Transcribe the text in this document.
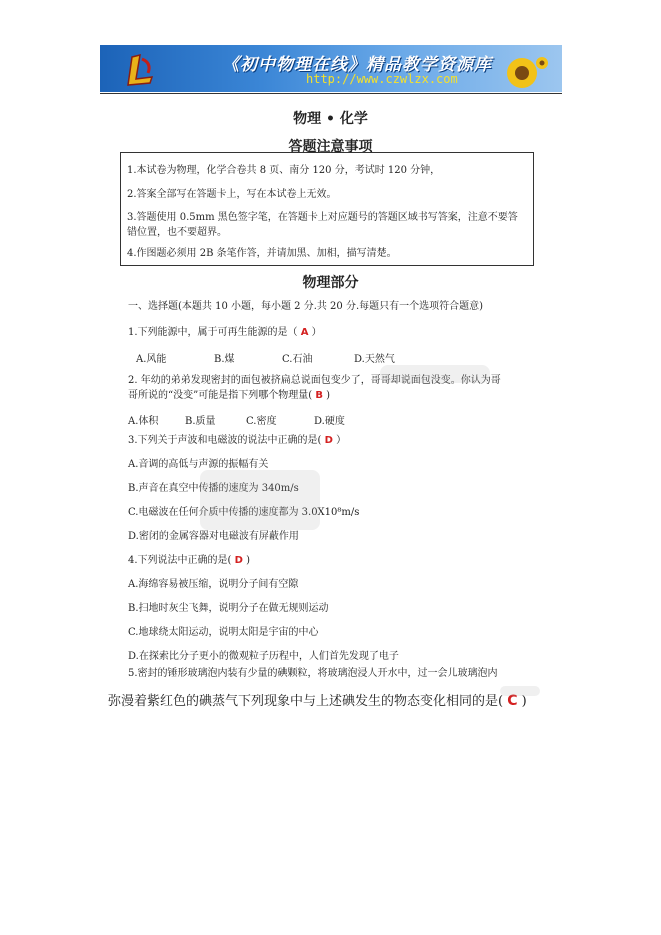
《初中物理在线》精品教学资源库
http://www.czwlzx.com
物理 • 化学
答题注意事项
1.本试卷为物理，化学合卷共 8 页、南分 120 分，考试时 120 分钟，
2.答案全部写在答题卡上，写在本试卷上无效。
3.答题使用 0.5mm 黑色签字笔，在答题卡上对应题号的答题区域书写答案，注意不要答错位置，也不要超界。
4.作图题必须用 2B 条笔作答，并请加黑、加相，描写清楚。
物理部分
一、选择题(本题共 10 小题，每小题 2 分.共 20 分.每题只有一个选项符合题意)
1.下列能源中，属于可再生能源的是（ A ）
A.风能	B.煤	C.石油	D.天然气
2. 年幼的弟弟发现密封的面包被挤扁总说面包变少了，哥哥却说面包没变。你认为哥
哥所说的“没变”可能是指下列哪个物理量( B )
A.体积	B.质量	C.密度	D.硬度
3.下列关于声波和电磁波的说法中正确的是( D ）
A.音调的高低与声源的振幅有关
B.声音在真空中传播的速度为 340m/s
C.电磁波在任何介质中传播的速度都为 3.0X10⁸m/s
D.密闭的金属容器对电磁波有屏蔽作用
4.下列说法中正确的是( D )
A.海绵容易被压缩，说明分子间有空隙
B.扫地时灰尘飞舞，说明分子在做无规则运动
C.地球绕太阳运动，说明太阳是宇宙的中心
D.在探索比分子更小的微观粒子历程中，人们首先发现了电子
5.密封的锤形玻璃泡内装有少量的碘颗粒，将玻璃泡浸人开水中，过一会儿玻璃泡内
弥漫着紫红色的碘蒸气下列现象中与上述碘发生的物态变化相同的是( C )
